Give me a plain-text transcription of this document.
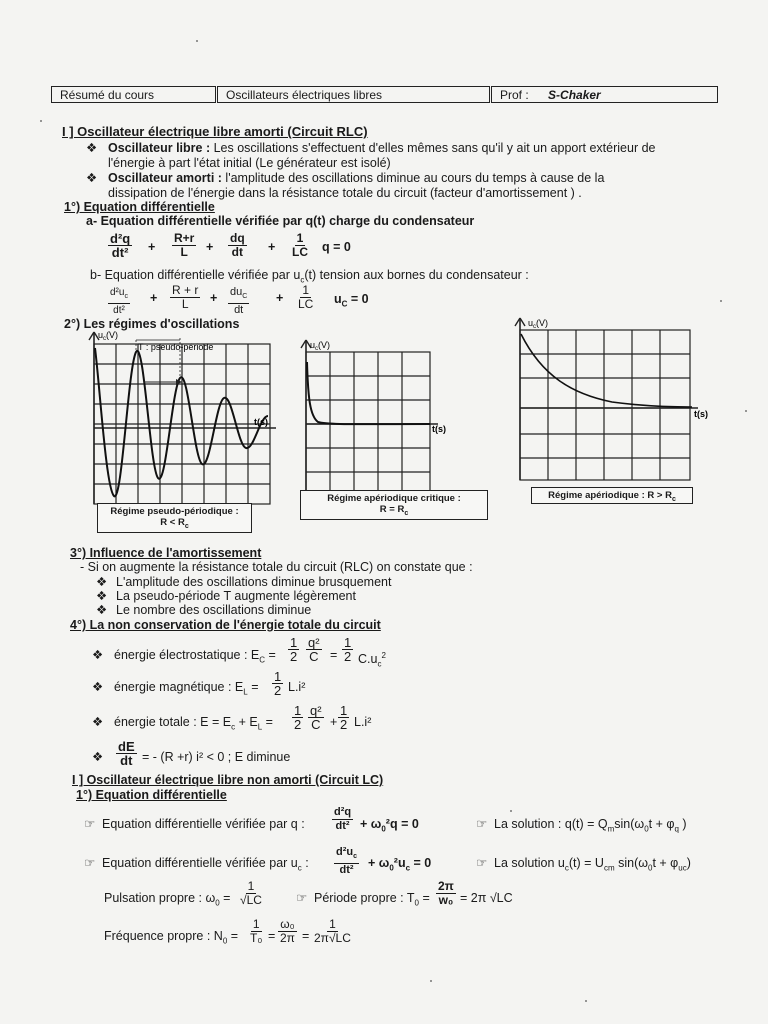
Résumé du cours	Oscillateurs électriques libres	Prof : S-Chaker
I ] Oscillateur électrique libre amorti (Circuit RLC)
❖ Oscillateur libre : Les oscillations s'effectuent d'elles mêmes sans qu'il y ait un apport extérieur de
l'énergie à part l'état initial (Le générateur est isolé)
❖ Oscillateur amorti : l'amplitude des oscillations diminue au cours du temps à cause de la
dissipation de l'énergie dans la résistance totale du circuit (facteur d'amortissement ) .
1°) Equation différentielle
a- Equation différentielle vérifiée par q(t) charge du condensateur
$\frac{\text{d²q}}{\text{dt²}} + \frac{R+r}{L} + \frac{dq}{dt} + \frac{1}{LC}$ q = 0
b- Equation différentielle vérifiée par $u_c(t)$ tension aux bornes du condensateur :
$\frac{d^2u_c}{\text{dt²}} + \frac{R + r}{L} + du_C$
dt
+ $\frac{1}{LC} u_C = 0$
2°) Les régimes d'oscillations
T : pseudo-période
$u_c(V)$
t(s)
Régime pseudo-périodique :
$R < R_c$
$u_c(V)$
t(s)
Régime apériodique critique :
$R = R_c$
$u_c(V)$
t(s)
Régime apériodique : $R > R_c$
3°) Influence de l'amortissement
- Si on augmente la résistance totale du circuit (RLC) on constate que :
❖ L'amplitude des oscillations diminue brusquement
❖ La pseudo-période T augmente légèrement
❖ Le nombre des oscillations diminue
4°) La non conservation de l'énergie totale du circuit
❖ énergie électrostatique : $E_C = \frac{1}{2} \frac{\text{q²}}{C} = \frac{1}{2} C.u_c^2$
❖ énergie magnétique : $E_L = \frac{1}{2} L.i^2$
❖ énergie totale : $E = E_c + E_L = \frac{1}{2} \frac{\text{q²}}{C} + \frac{1}{2} L.i^2$
❖ $\frac{dE}{dt}$ = - (R +r) i² < 0 ; E diminue
I ] Oscillateur électrique libre non amorti (Circuit LC)
1°) Equation différentielle
☞ Equation différentielle vérifiée par q : $\frac{\text{d²q}}{\text{dt²}} + \omega_0^2q = 0$	☞ La solution : $q(t) = Q_m\sin(\omega_0t + \varphi_q$ )
☞ Equation différentielle vérifiée par $u_c$ : $\frac{d^2u_c}{\text{dt²}} + \omega_0^2u_c = 0$	☞ La solution $u_c(t) = U_{cm}$ $\sin(\omega_0t + \varphi_{uc})$
Pulsation propre : $\omega_0 = \frac{1}{√LC}$	☞ Période propre : $T_0 = \frac{2\pi}{\text{w₀}} = 2\pi$ √LC
Fréquence propre : $N_0 = \frac{1}{\text{T₀}} = \frac{\text{ω₀}}{2\pi} = \frac{1}{2\pi√LC}$
